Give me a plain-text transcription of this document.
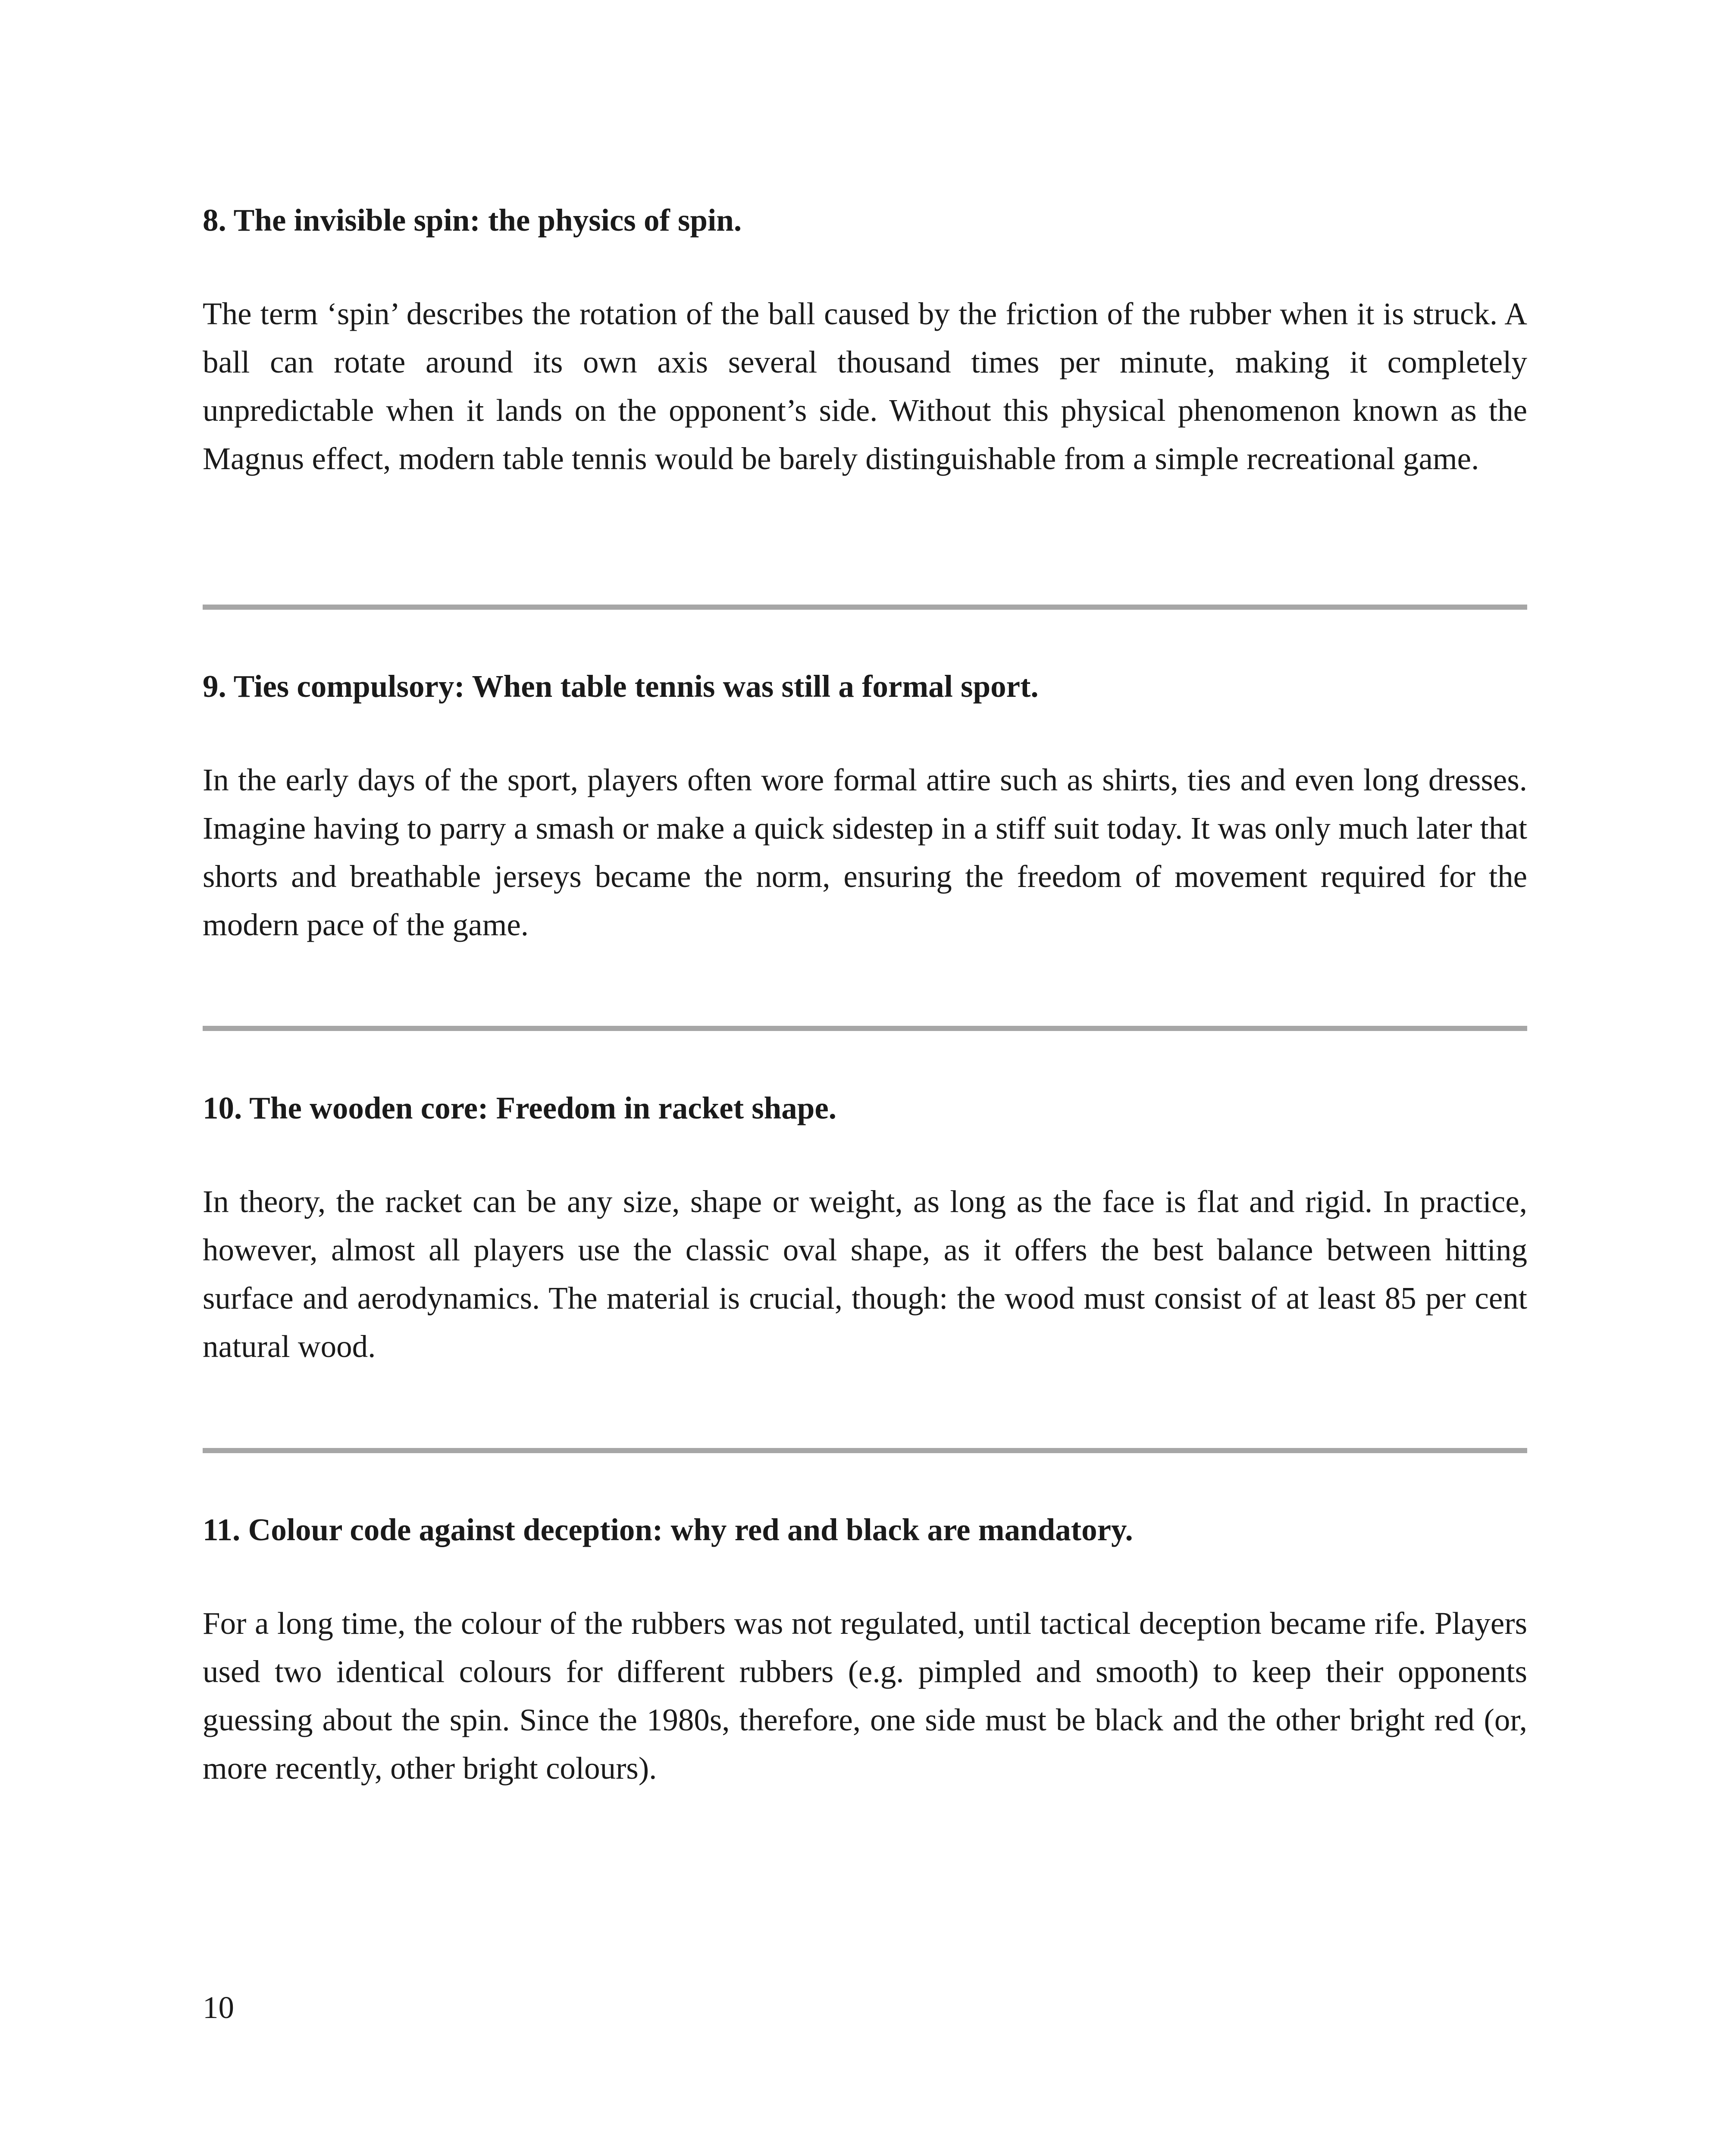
8. The invisible spin: the physics of spin.

The term ‘spin’ describes the rotation of the ball caused by the friction of the rubber when it is struck. A ball can rotate around its own axis several thousand times per minute, making it completely unpredictable when it lands on the opponent’s side. Without this physical phenomenon known as the Magnus effect, modern table tennis would be barely distinguishable from a simple recreational game.

9. Ties compulsory: When table tennis was still a formal sport.

In the early days of the sport, players often wore formal attire such as shirts, ties and even long dresses. Imagine having to parry a smash or make a quick sidestep in a stiff suit today. It was only much later that shorts and breathable jerseys became the norm, ensuring the freedom of movement required for the modern pace of the game.

10. The wooden core: Freedom in racket shape.

In theory, the racket can be any size, shape or weight, as long as the face is flat and rigid. In practice, however, almost all players use the classic oval shape, as it offers the best balance between hitting surface and aerodynamics. The material is crucial, though: the wood must consist of at least 85 per cent natural wood.

11. Colour code against deception: why red and black are mandatory.

For a long time, the colour of the rubbers was not regulated, until tactical deception became rife. Players used two identical colours for different rubbers (e.g. pimpled and smooth) to keep their opponents guessing about the spin. Since the 1980s, therefore, one side must be black and the other bright red (or, more recently, other bright colours).

10
